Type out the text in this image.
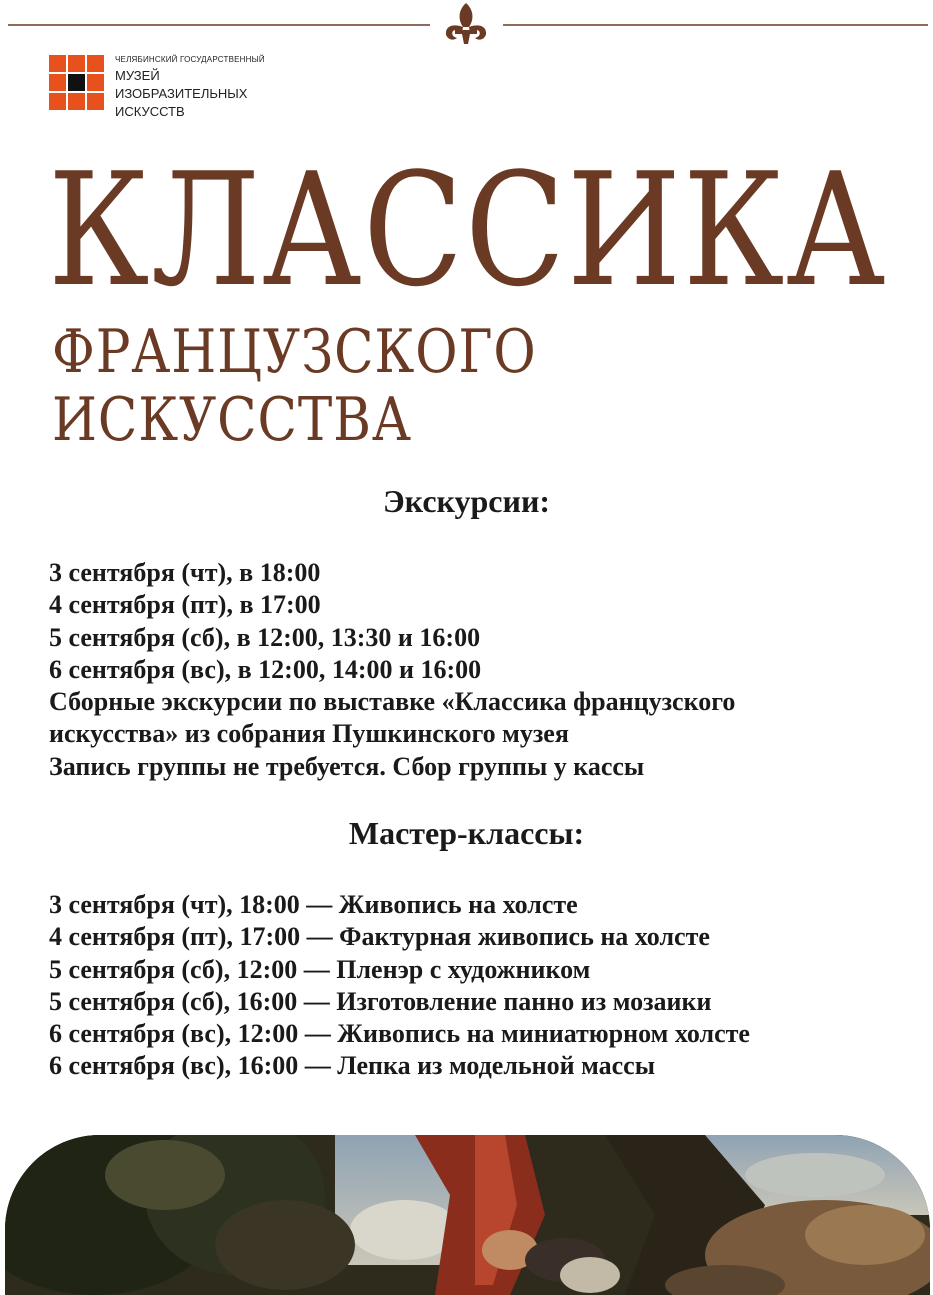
ЧЕЛЯБИНСКИЙ ГОСУДАРСТВЕННЫЙ
МУЗЕЙ
ИЗОБРАЗИТЕЛЬНЫХ
ИСКУССТВ
КЛАССИКА
ФРАНЦУЗСКОГО
ИСКУССТВА
Экскурсии:
3 сентября (чт), в 18:00
4 сентября (пт), в 17:00
5 сентября (сб), в 12:00, 13:30 и 16:00
6 сентября (вс), в 12:00, 14:00 и 16:00
Сборные экскурсии по выставке «Классика французского
искусства» из собрания Пушкинского музея
Запись группы не требуется. Сбор группы у кассы
Мастер-классы:
3 сентября (чт), 18:00 — Живопись на холсте
4 сентября (пт), 17:00 — Фактурная живопись на холсте
5 сентября (сб), 12:00 — Пленэр с художником
5 сентября (сб), 16:00 — Изготовление панно из мозаики
6 сентября (вс), 12:00 — Живопись на миниатюрном холсте
6 сентября (вс), 16:00 — Лепка из модельной массы
